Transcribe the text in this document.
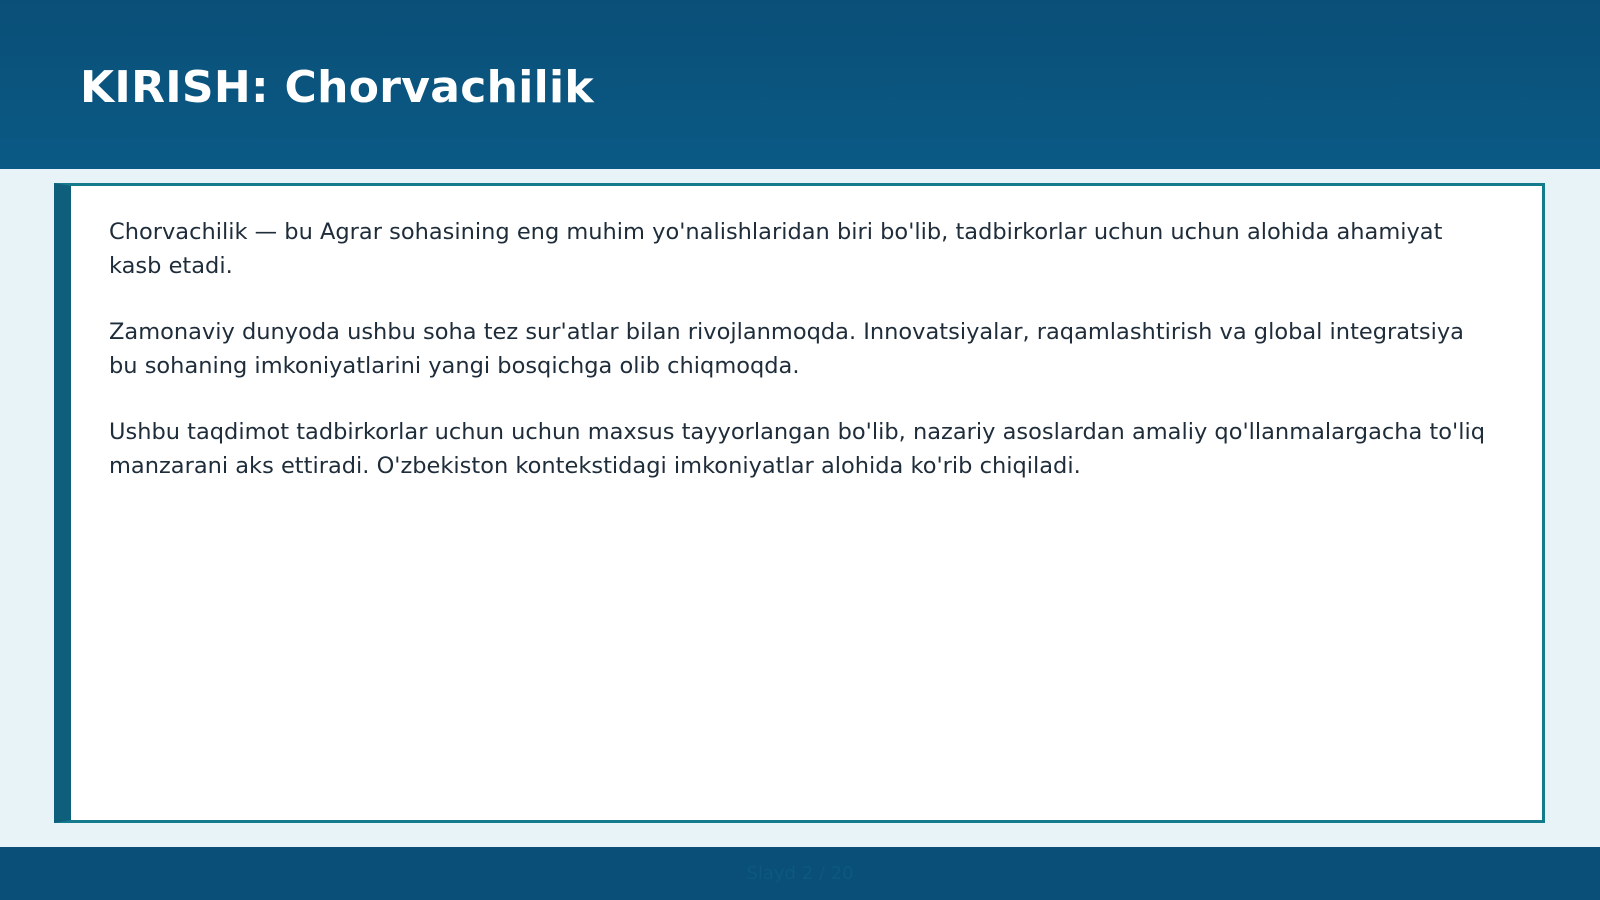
KIRISH: Chorvachilik

Chorvachilik — bu Agrar sohasining eng muhim yo'nalishlaridan biri bo'lib, tadbirkorlar uchun uchun alohida ahamiyat kasb etadi.

Zamonaviy dunyoda ushbu soha tez sur'atlar bilan rivojlanmoqda. Innovatsiyalar, raqamlashtirish va global integratsiya bu sohaning imkoniyatlarini yangi bosqichga olib chiqmoqda.

Ushbu taqdimot tadbirkorlar uchun uchun maxsus tayyorlangan bo'lib, nazariy asoslardan amaliy qo'llanmalargacha to'liq manzarani aks ettiradi. O'zbekiston kontekstidagi imkoniyatlar alohida ko'rib chiqiladi.

Slayd 2 / 20
